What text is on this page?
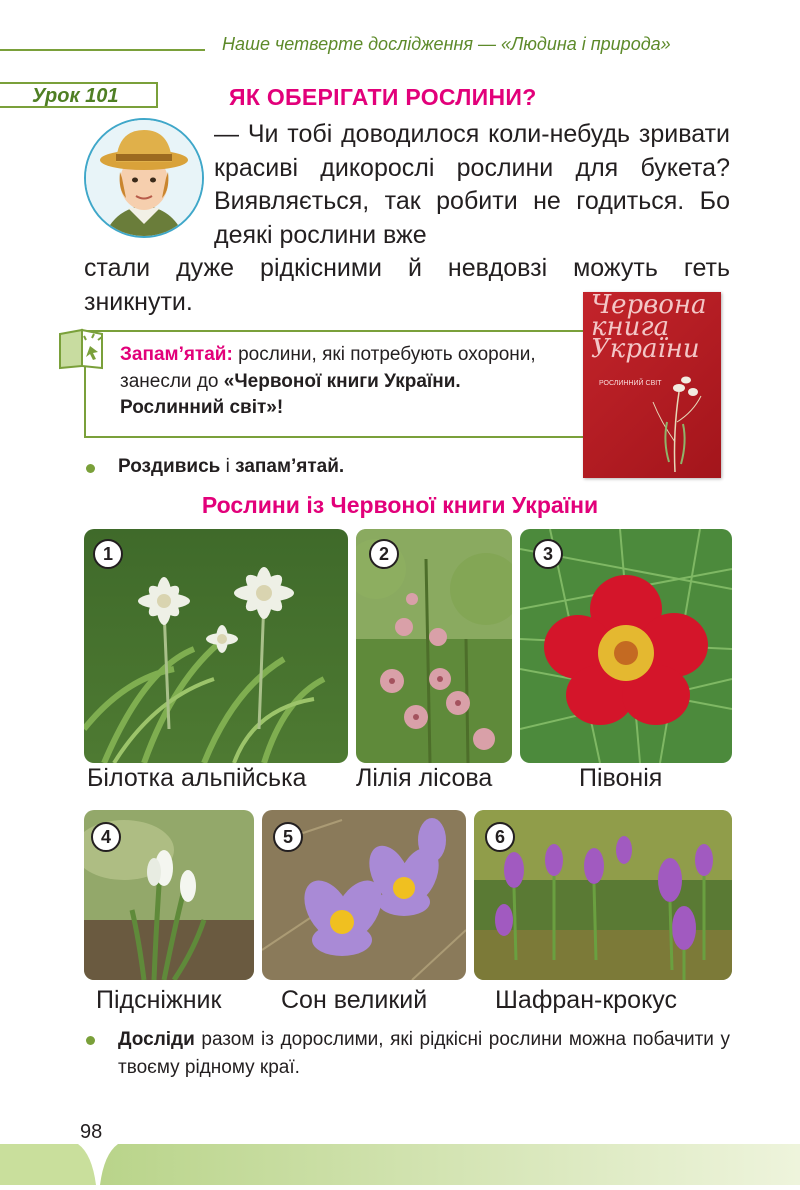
Наше четверте дослідження — «Людина і природа»
Урок 101	ЯК ОБЕРІГАТИ РОСЛИНИ?
— Чи тобі доводилося коли-небудь зривати красиві дикорослі рослини для букета? Виявляється, так робити не годиться. Бо деякі рослини вже
стали дуже рідкісними й невдовзі можуть геть зникнути.
Запам’ятай: рослини, які потребують охорони, занесли до «Червоної книги України. Рослинний світ»!
Червона книга України
РОСЛИННИЙ СВІТ
Роздивись і запам’ятай.
Рослини із Червоної книги України
1	2	3
Білотка альпійська Лілія лісова	Півонія
4	5	6
Підсніжник Сон великий	Шафран-крокус
Досліди разом із дорослими, які рідкісні рослини можна побачити у твоєму рідному краї.
98
